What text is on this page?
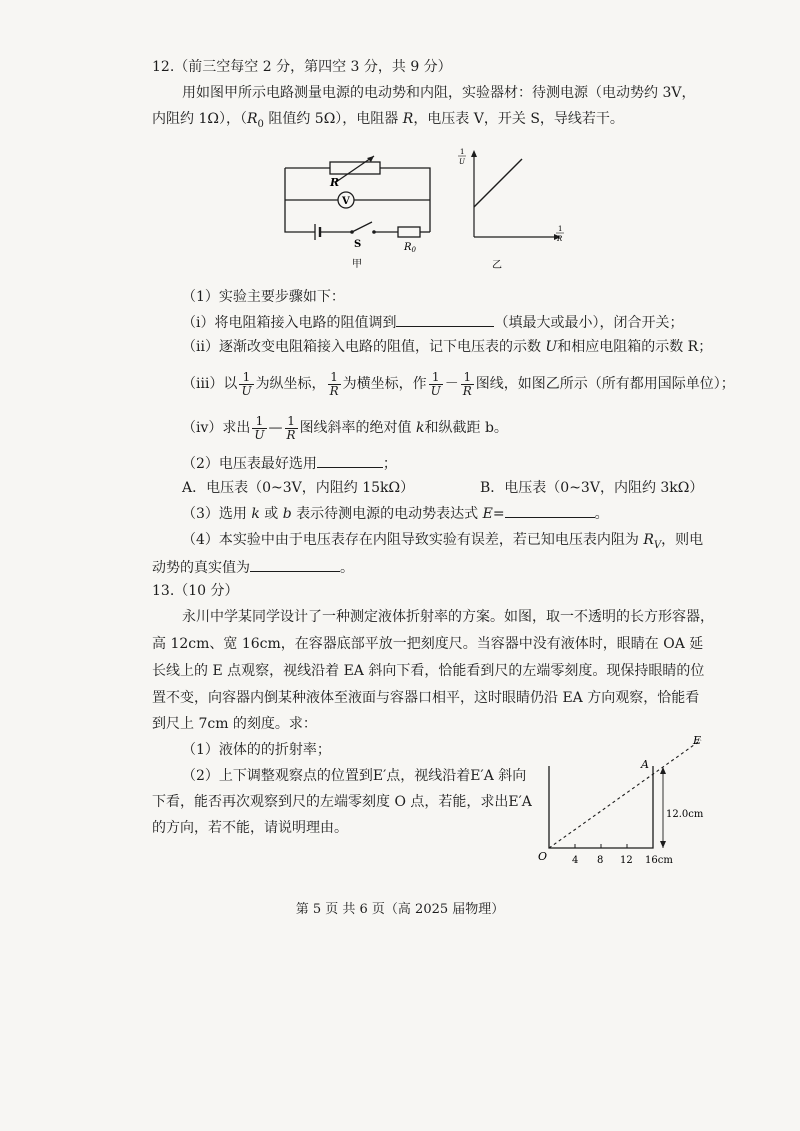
12.（前三空每空 2 分，第四空 3 分，共 9 分）
用如图甲所示电路测量电源的电动势和内阻，实验器材：待测电源（电动势约 3V，
内阻约 1Ω），（$R_0$ 阻值约 5Ω），电阻器 R，电压表 V，开关 S，导线若干。
R
V
S	$R_0$
甲
1
U
1
R
乙
（1）实验主要步骤如下：
（ⅰ）将电阻箱接入电路的阻值调到	（填最大或最小），闭合开关；
（ⅱ）逐渐改变电阻箱接入电路的阻值，记下电压表的示数 U和相应电阻箱的示数 R；
（ⅲ）以 $\frac{1}{U}$ 为纵坐标， $\frac{1}{R}$ 为横坐标，作 $\frac{1}{U} - \frac{1}{R}$ 图线，如图乙所示（所有都用国际单位）；
（ⅳ）求出 $\frac{1}{U}$ — $\frac{1}{R}$ 图线斜率的绝对值 k和纵截距 b。
（2）电压表最好选用	；
A．电压表（0~3V，内阻约 15kΩ）	B．电压表（0~3V，内阻约 3kΩ）
（3）选用 k 或 b 表示待测电源的电动势表达式 E=	。
（4）本实验中由于电压表存在内阻导致实验有误差，若已知电压表内阻为 $R_V$，则电
动势的真实值为	。
13.（10 分）
永川中学某同学设计了一种测定液体折射率的方案。如图，取一不透明的长方形容器，
高 12cm、宽 16cm，在容器底部平放一把刻度尺。当容器中没有液体时，眼睛在 OA 延
长线上的 E 点观察，视线沿着 EA 斜向下看，恰能看到尺的左端零刻度。现保持眼睛的位
置不变，向容器内倒某种液体至液面与容器口相平，这时眼睛仍沿 EA 方向观察，恰能看
到尺上 7cm 的刻度。求：
（1）液体的的折射率；
（2）上下调整观察点的位置到E′点，视线沿着E′A 斜向
下看，能否再次观察到尺的左端零刻度 O 点，若能，求出E′A
的方向，若不能，请说明理由。
E
A
O
12.0cm
4 8 12 16cm
第 5 页 共 6 页（高 2025 届物理）
